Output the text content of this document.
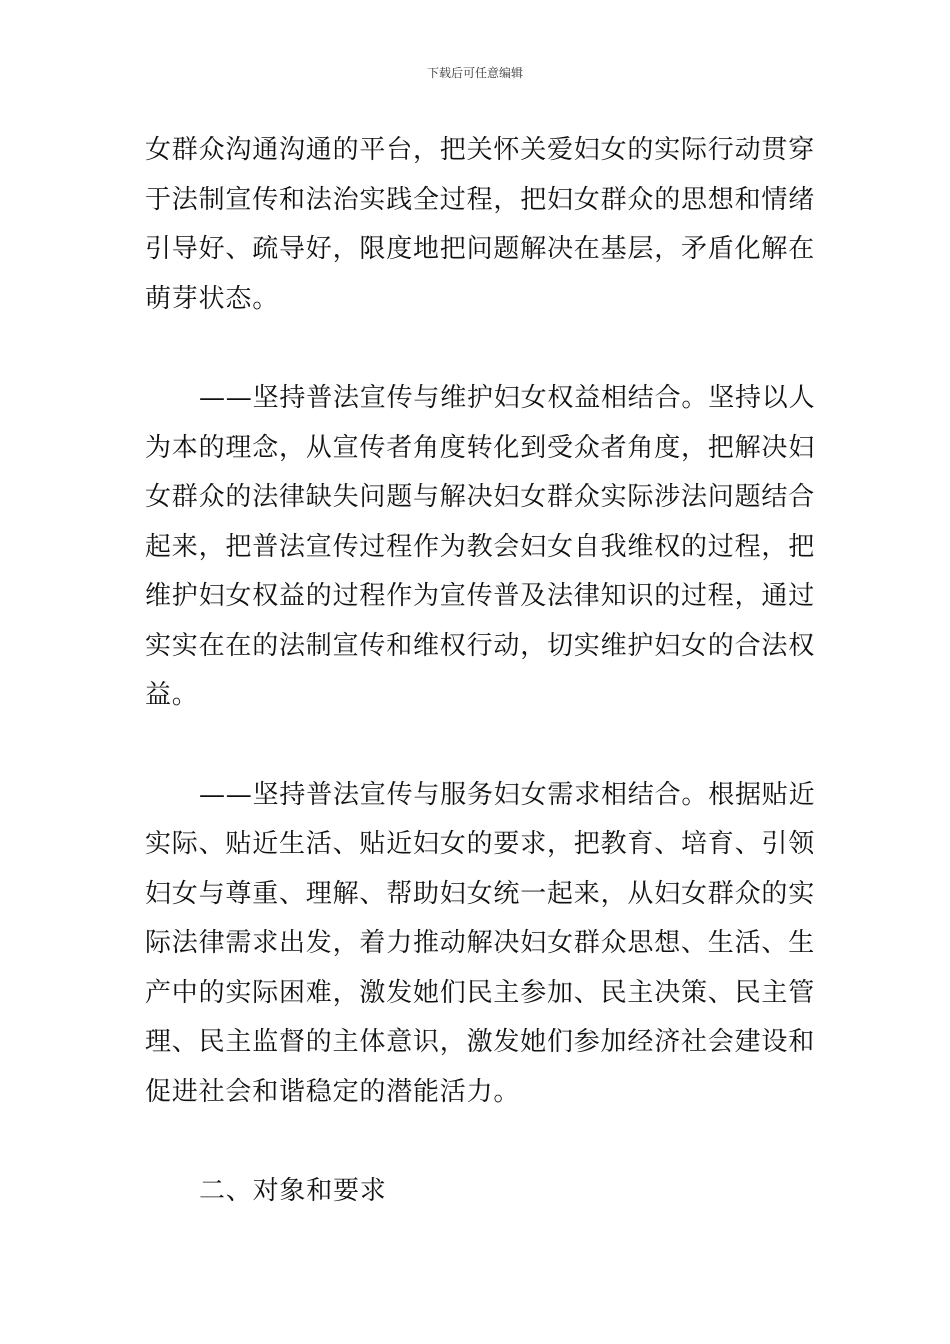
下载后可任意编辑
女群众沟通沟通的平台，把关怀关爱妇女的实际行动贯穿
于法制宣传和法治实践全过程，把妇女群众的思想和情绪
引导好、疏导好，限度地把问题解决在基层，矛盾化解在
萌芽状态。
——坚持普法宣传与维护妇女权益相结合。坚持以人
为本的理念，从宣传者角度转化到受众者角度，把解决妇
女群众的法律缺失问题与解决妇女群众实际涉法问题结合
起来，把普法宣传过程作为教会妇女自我维权的过程，把
维护妇女权益的过程作为宣传普及法律知识的过程，通过
实实在在的法制宣传和维权行动，切实维护妇女的合法权
益。
——坚持普法宣传与服务妇女需求相结合。根据贴近
实际、贴近生活、贴近妇女的要求，把教育、培育、引领
妇女与尊重、理解、帮助妇女统一起来，从妇女群众的实
际法律需求出发，着力推动解决妇女群众思想、生活、生
产中的实际困难，激发她们民主参加、民主决策、民主管
理、民主监督的主体意识，激发她们参加经济社会建设和
促进社会和谐稳定的潜能活力。
二、对象和要求
